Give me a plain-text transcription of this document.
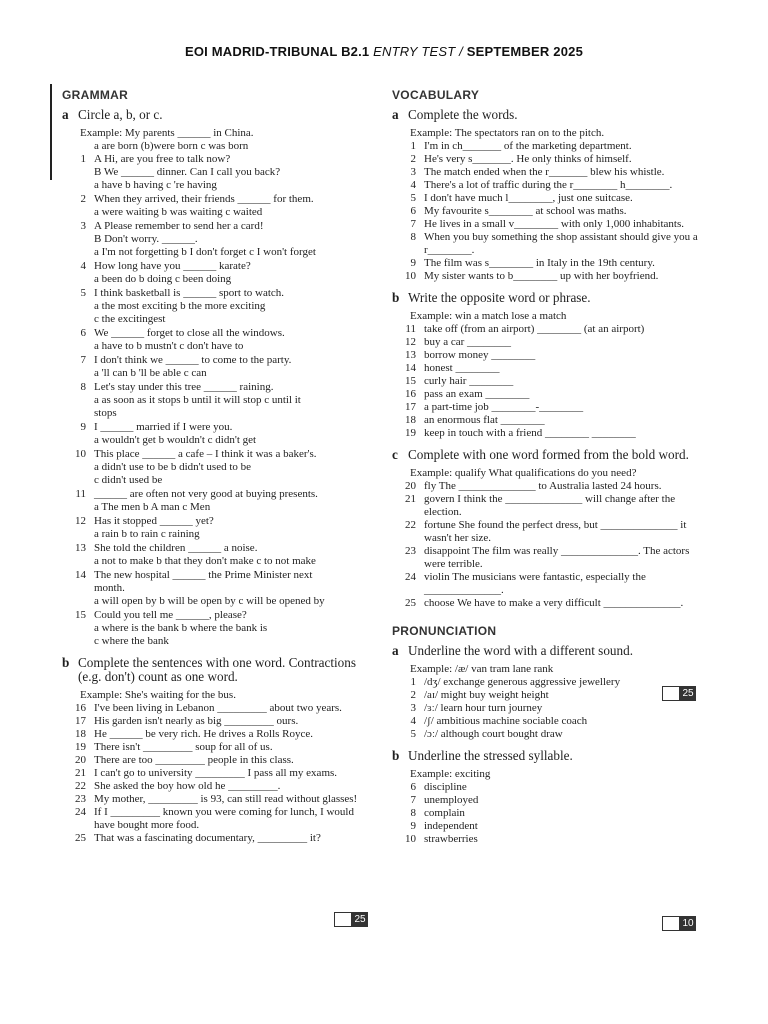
EOI MADRID-TRIBUNAL B2.1 ENTRY TEST / SEPTEMBER 2025
GRAMMAR
a Circle a, b, or c.
Example: My parents ______ in China.
a are born (b)were born c was born
1 A Hi, are you free to talk now?
B We ______ dinner. Can I call you back?
a have b having c 're having
2 When they arrived, their friends ______ for them.
a were waiting b was waiting c waited
3 A Please remember to send her a card!
B Don't worry. ______.
a I'm not forgetting b I don't forget c I won't forget
4 How long have you ______ karate?
a been do b doing c been doing
5 I think basketball is ______ sport to watch.
a the most exciting b the more exciting
c the excitingest
6 We ______ forget to close all the windows.
a have to b mustn't c don't have to
7 I don't think we ______ to come to the party.
a 'll can b 'll be able c can
8 Let's stay under this tree ______ raining.
a as soon as it stops b until it will stop c until it
stops
9 I ______ married if I were you.
a wouldn't get b wouldn't c didn't get
10 This place ______ a cafe – I think it was a baker's.
a didn't use to be b didn't used to be
c didn't used be
11 ______ are often not very good at buying presents.
a The men b A man c Men
12 Has it stopped ______ yet?
a rain b to rain c raining
13 She told the children ______ a noise.
a not to make b that they don't make c to not make
14 The new hospital ______ the Prime Minister next
month.
a will open by b will be open by c will be opened by
15 Could you tell me ______, please?
a where is the bank b where the bank is
c where the bank
b Complete the sentences with one word. Contractions (e.g. don't) count as one word.
Example: She's waiting for the bus.
16 I've been living in Lebanon _________ about two years.
17 His garden isn't nearly as big _________ ours.
18 He ______ be very rich. He drives a Rolls Royce.
19 There isn't _________ soup for all of us.
20 There are too _________ people in this class.
21 I can't go to university _________ I pass all my exams.
22 She asked the boy how old he _________.
23 My mother, _________ is 93, can still read without glasses!
24 If I _________ known you were coming for lunch, I would have bought more food.
25 That was a fascinating documentary, _________ it?
25
VOCABULARY
a Complete the words.
Example: The spectators ran on to the pitch.
1 I'm in ch_______ of the marketing department.
2 He's very s_______. He only thinks of himself.
3 The match ended when the r_______ blew his whistle.
4 There's a lot of traffic during the r________ h________.
5 I don't have much l________, just one suitcase.
6 My favourite s________ at school was maths.
7 He lives in a small v________ with only 1,000 inhabitants.
8 When you buy something the shop assistant should give you a r________.
9 The film was s________ in Italy in the 19th century.
10 My sister wants to b________ up with her boyfriend.
b Write the opposite word or phrase.
Example: win a match lose a match
11 take off (from an airport) ________ (at an airport)
12 buy a car ________
13 borrow money ________
14 honest ________
15 curly hair ________
16 pass an exam ________
17 a part-time job ________-________
18 an enormous flat ________
19 keep in touch with a friend ________ ________
c Complete with one word formed from the bold word.
Example: qualify What qualifications do you need?
20 fly The ______________ to Australia lasted 24 hours.
21 govern I think the ______________ will change after the election.
22 fortune She found the perfect dress, but ______________ it wasn't her size.
23 disappoint The film was really ______________. The actors were terrible.
24 violin The musicians were fantastic, especially the ______________.
25 choose We have to make a very difficult ______________.
PRONUNCIATION
a Underline the word with a different sound.
Example: /æ/ van tram lane rank
1 /dʒ/ exchange generous aggressive jewellery
2 /aɪ/ might buy weight height
3 /ɜː/ learn hour turn journey
4 /ʃ/ ambitious machine sociable coach
5 /ɔː/ although court bought draw
b Underline the stressed syllable.
Example: exciting
6 discipline
7 unemployed
8 complain
9 independent
10 strawberries
25
10
